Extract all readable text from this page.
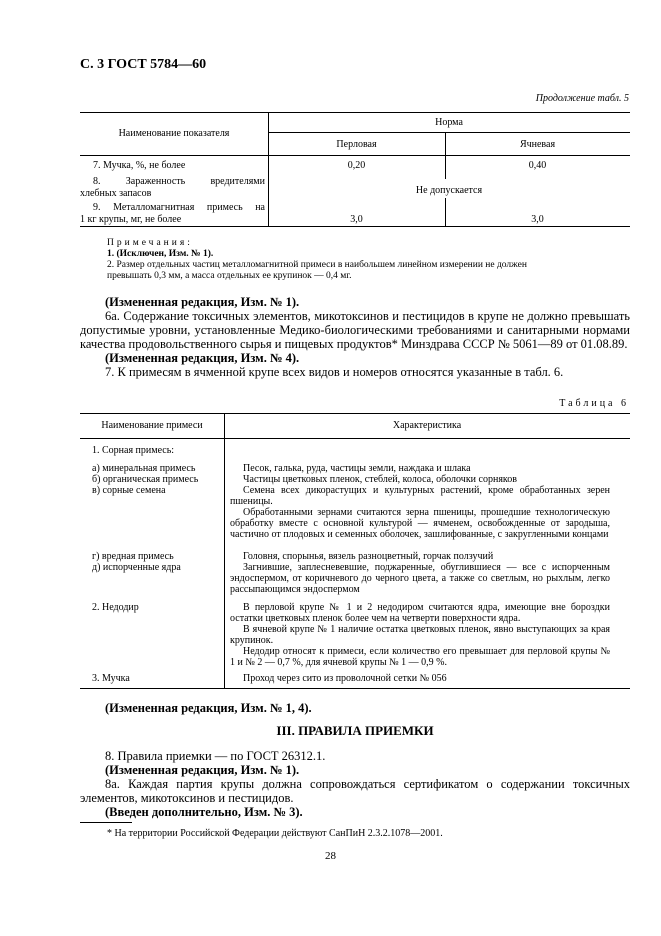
С. 3 ГОСТ 5784—60
Продолжение табл. 5
Наименование показателя
Норма
Перловая	Ячневая
7. Мучка, %, не более	0,20	0,40
8. Зараженность вредителями
хлебных запасов	Не допускается
9. Металломагнитная примесь на
1 кг крупы, мг, не более	3,0	3,0
Примечания:
1. (Исключен, Изм. № 1).
2. Размер отдельных частиц металломагнитной примеси в наибольшем линейном измерении не должен
превышать 0,3 мм, а масса отдельных ее крупинок — 0,4 мг.

(Измененная редакция, Изм. № 1).

6а. Содержание токсичных элементов, микотоксинов и пестицидов в крупе не должно превышать допустимые уровни, установленные Медико-биологическими требованиями и санитарными нормами качества продовольственного сырья и пищевых продуктов* Минздрава СССР № 5061—89 от 01.08.89.

(Измененная редакция, Изм. № 4).

7. К примесям в ячменной крупе всех видов и номеров относятся указанные в табл. 6.

Таблица 6
Наименование примеси	Характеристика
1. Сорная примесь:
а) минеральная примесь	Песок, галька, руда, частицы земли, наждака и шлака
б) органическая примесь	Частицы цветковых пленок, стеблей, колоса, оболочки сорняков
в) сорные семена	Семена всех дикорастущих и культурных растений, кроме обработанных зерен пшеницы.
Обработанными зернами считаются зерна пшеницы, прошедшие технологическую обработку вместе с основной культурой — ячменем, освобожденные от зародыша, частично от плодовых и семенных оболочек, зашлифованные, с закругленными концами
г) вредная примесь	Головня, спорынья, вязель разноцветный, горчак ползучий
д) испорченные ядра	Загнившие, заплесневевшие, поджаренные, обуглившиеся — все с испорченным эндоспермом, от коричневого до черного цвета, а также со светлым, но рыхлым, легко рассыпающимся эндоспермом
2. Недодир	В перловой крупе № 1 и 2 недодиром считаются ядра, имеющие вне бороздки остатки цветковых пленок более чем на четверти поверхности ядра.
В ячневой крупе № 1 наличие остатка цветковых пленок, явно выступающих за края крупинок.
Недодир относят к примеси, если количество его превышает для перловой крупы № 1 и № 2 — 0,7 %, для ячневой крупы № 1 — 0,9 %.
3. Мучка	Проход через сито из проволочной сетки № 056
(Измененная редакция, Изм. № 1, 4).
III. ПРАВИЛА ПРИЕМКИ

8. Правила приемки — по ГОСТ 26312.1.

(Измененная редакция, Изм. № 1).

8а. Каждая партия крупы должна сопровождаться сертификатом о содержании токсичных элементов, микотоксинов и пестицидов.

(Введен дополнительно, Изм. № 3).

* На территории Российской Федерации действуют СанПиН 2.3.2.1078—2001.
28
